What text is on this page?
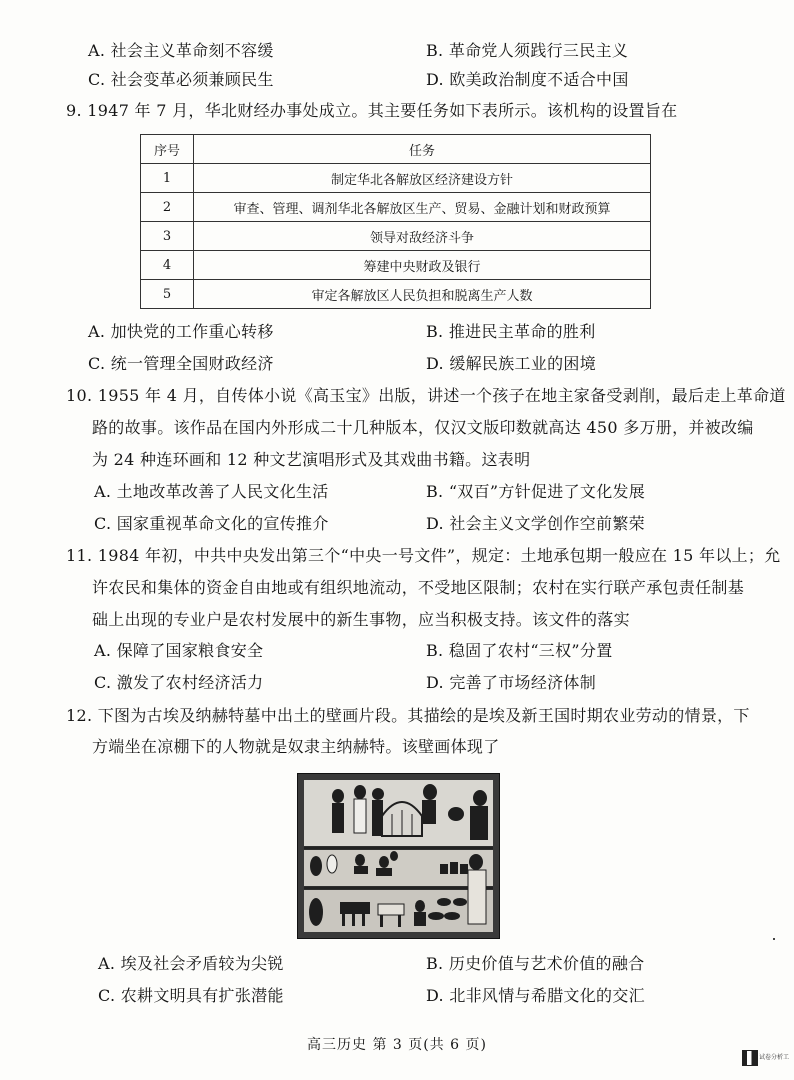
A. 社会主义革命刻不容缓	B. 革命党人须践行三民主义
C. 社会变革必须兼顾民生	D. 欧美政治制度不适合中国
9. 1947 年 7 月，华北财经办事处成立。其主要任务如下表所示。该机构的设置旨在
序号	任务
1	制定华北各解放区经济建设方针
2	审查、管理、调剂华北各解放区生产、贸易、金融计划和财政预算
3	领导对敌经济斗争
4	筹建中央财政及银行
5	审定各解放区人民负担和脱离生产人数
A. 加快党的工作重心转移	B. 推进民主革命的胜利
C. 统一管理全国财政经济	D. 缓解民族工业的困境
10. 1955 年 4 月，自传体小说《高玉宝》出版，讲述一个孩子在地主家备受剥削，最后走上革命道
路的故事。该作品在国内外形成二十几种版本，仅汉文版印数就高达 450 多万册，并被改编
为 24 种连环画和 12 种文艺演唱形式及其戏曲书籍。这表明
A. 土地改革改善了人民文化生活	B. “双百”方针促进了文化发展
C. 国家重视革命文化的宣传推介	D. 社会主义文学创作空前繁荣
11. 1984 年初，中共中央发出第三个“中央一号文件”，规定：土地承包期一般应在 15 年以上；允
许农民和集体的资金自由地或有组织地流动，不受地区限制；农村在实行联产承包责任制基
础上出现的专业户是农村发展中的新生事物，应当积极支持。该文件的落实
A. 保障了国家粮食安全	B. 稳固了农村“三权”分置
C. 激发了农村经济活力	D. 完善了市场经济体制
12. 下图为古埃及纳赫特墓中出土的壁画片段。其描绘的是埃及新王国时期农业劳动的情景，下
方端坐在凉棚下的人物就是奴隶主纳赫特。该壁画体现了
A. 埃及社会矛盾较为尖锐	B. 历史价值与艺术价值的融合
C. 农耕文明具有扩张潜能	D. 北非风情与希腊文化的交汇
高三历史 第 3 页(共 6 页)
试卷分析工
